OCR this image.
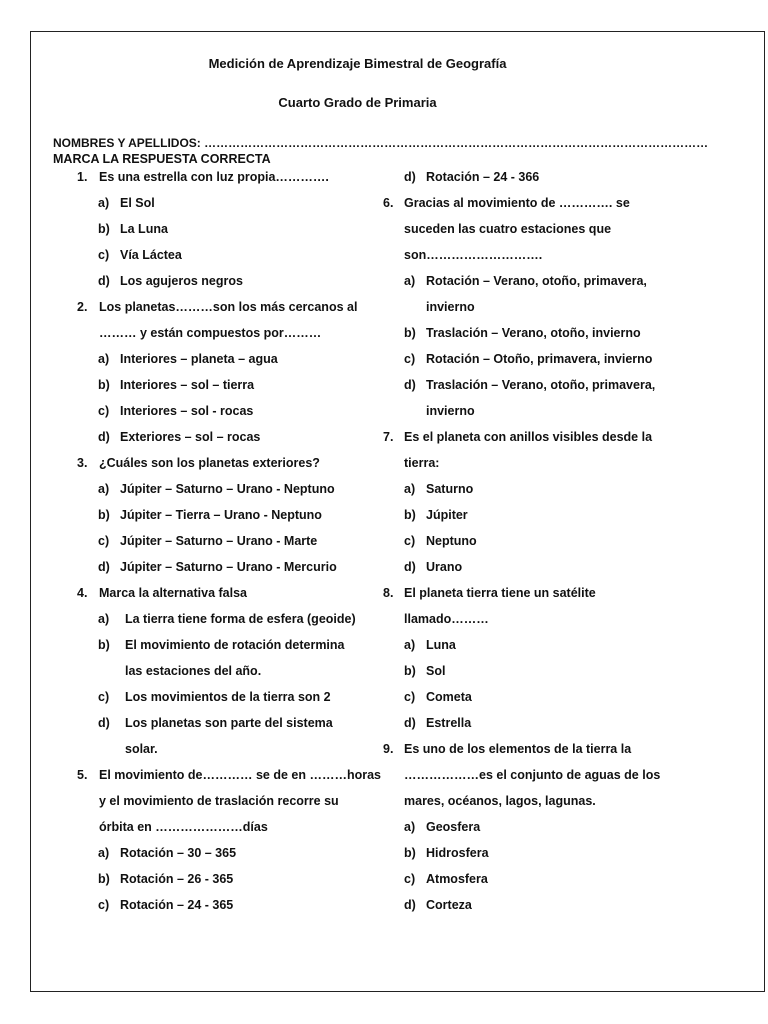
Medición de Aprendizaje Bimestral de Geografía
Cuarto Grado de Primaria
NOMBRES Y APELLIDOS: ………………………………………………………………………………………………………………
MARCA LA RESPUESTA CORRECTA
1. Es una estrella con luz propia………….
a) El Sol
b) La Luna
c) Vía Láctea
d) Los agujeros negros
2. Los planetas………son los más cercanos al
……… y están compuestos por………
a) Interiores – planeta – agua
b) Interiores – sol – tierra
c) Interiores – sol - rocas
d) Exteriores – sol – rocas
3. ¿Cuáles son los planetas exteriores?
a) Júpiter – Saturno – Urano - Neptuno
b) Júpiter – Tierra – Urano - Neptuno
c) Júpiter – Saturno – Urano - Marte
d) Júpiter – Saturno – Urano - Mercurio
4. Marca la alternativa falsa
a) La tierra tiene forma de esfera (geoide)
b) El movimiento de rotación determina
las estaciones del año.
c) Los movimientos de la tierra son 2
d) Los planetas son parte del sistema
solar.
5. El movimiento de………… se de en ………horas
y el movimiento de traslación recorre su
órbita en …………………días
a) Rotación – 30 – 365
b) Rotación – 26 - 365
c) Rotación – 24 - 365
d) Rotación – 24 - 366
6. Gracias al movimiento de …………. se
suceden las cuatro estaciones que
son……………………….
a) Rotación – Verano, otoño, primavera,
invierno
b) Traslación – Verano, otoño, invierno
c) Rotación – Otoño, primavera, invierno
d) Traslación – Verano, otoño, primavera,
invierno
7. Es el planeta con anillos visibles desde la
tierra:
a) Saturno
b) Júpiter
c) Neptuno
d) Urano
8. El planeta tierra tiene un satélite
llamado………
a) Luna
b) Sol
c) Cometa
d) Estrella
9. Es uno de los elementos de la tierra la
………………es el conjunto de aguas de los
mares, océanos, lagos, lagunas.
a) Geosfera
b) Hidrosfera
c) Atmosfera
d) Corteza
